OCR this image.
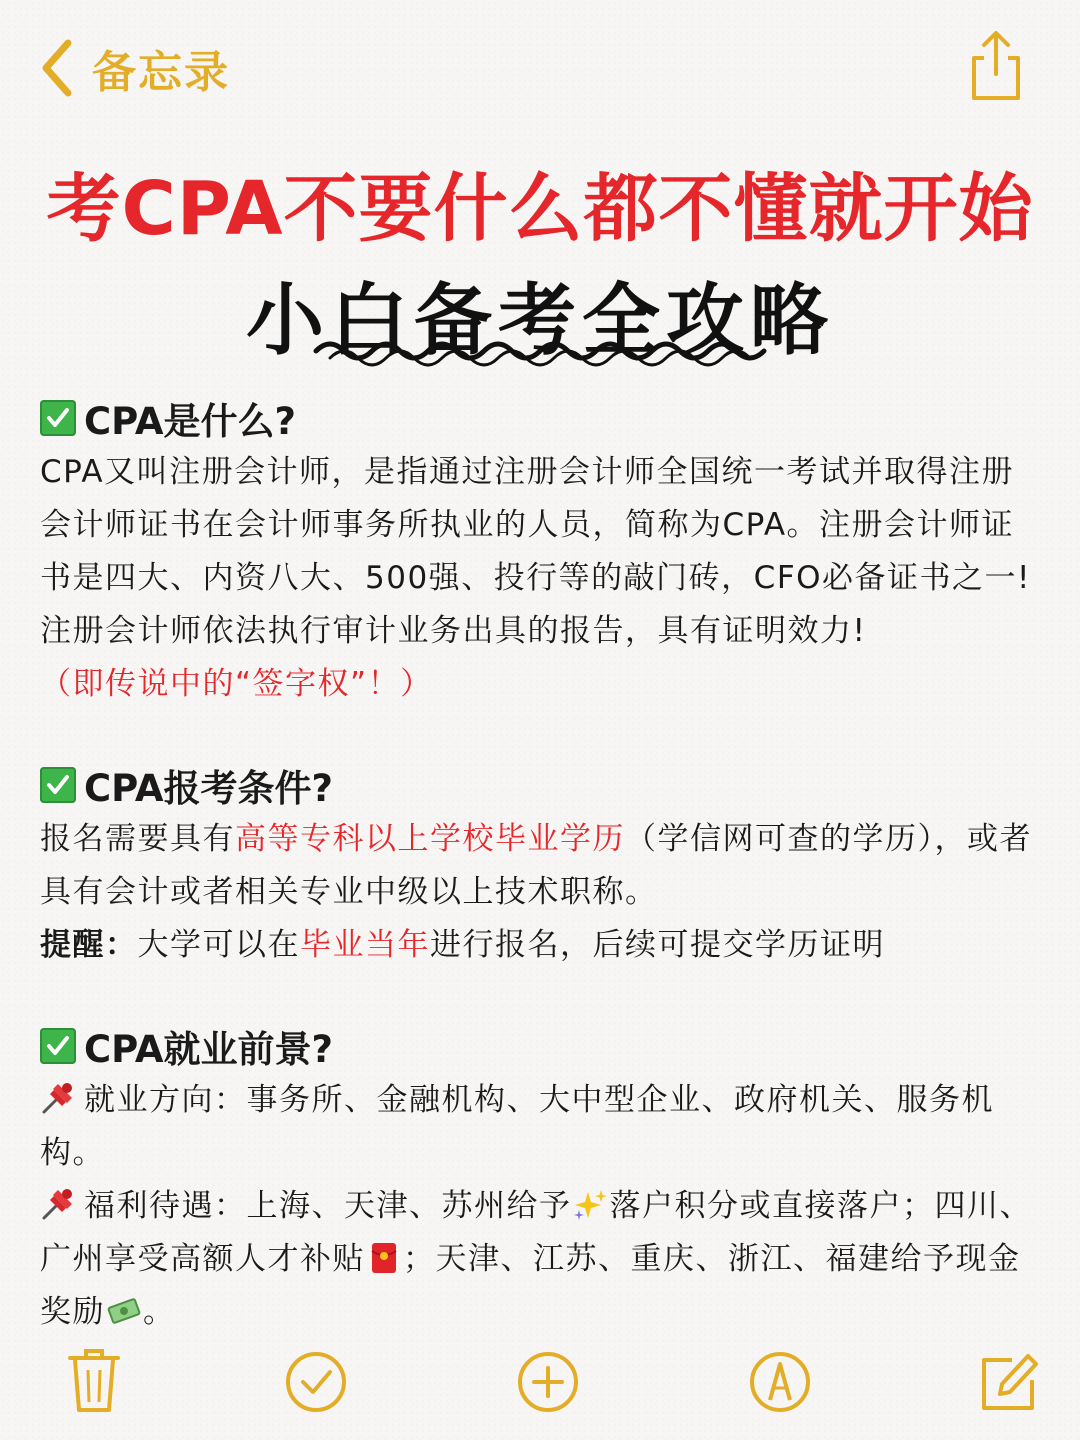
备忘录
考CPA不要什么都不懂就开始
小白备考全攻略
CPA是什么?

CPA又叫注册会计师，是指通过注册会计师全国统一考试并取得注册会计师证书在会计师事务所执业的人员，简称为CPA。注册会计师证书是四大、内资八大、500强、投行等的敲门砖，CFO必备证书之一!

注册会计师依法执行审计业务出具的报告，具有证明效力!

（即传说中的“签字权”！）

CPA报考条件?

报名需要具有高等专科以上学校毕业学历（学信网可查的学历），或者具有会计或者相关专业中级以上技术职称。

提醒：大学可以在毕业当年进行报名，后续可提交学历证明

CPA就业前景?

就业方向：事务所、金融机构、大中型企业、政府机关、服务机构。

福利待遇：上海、天津、苏州给予 落户积分或直接落户；四川、广州享受高额人才补贴 ；天津、江苏、重庆、浙江、福建给予现金奖励 。
